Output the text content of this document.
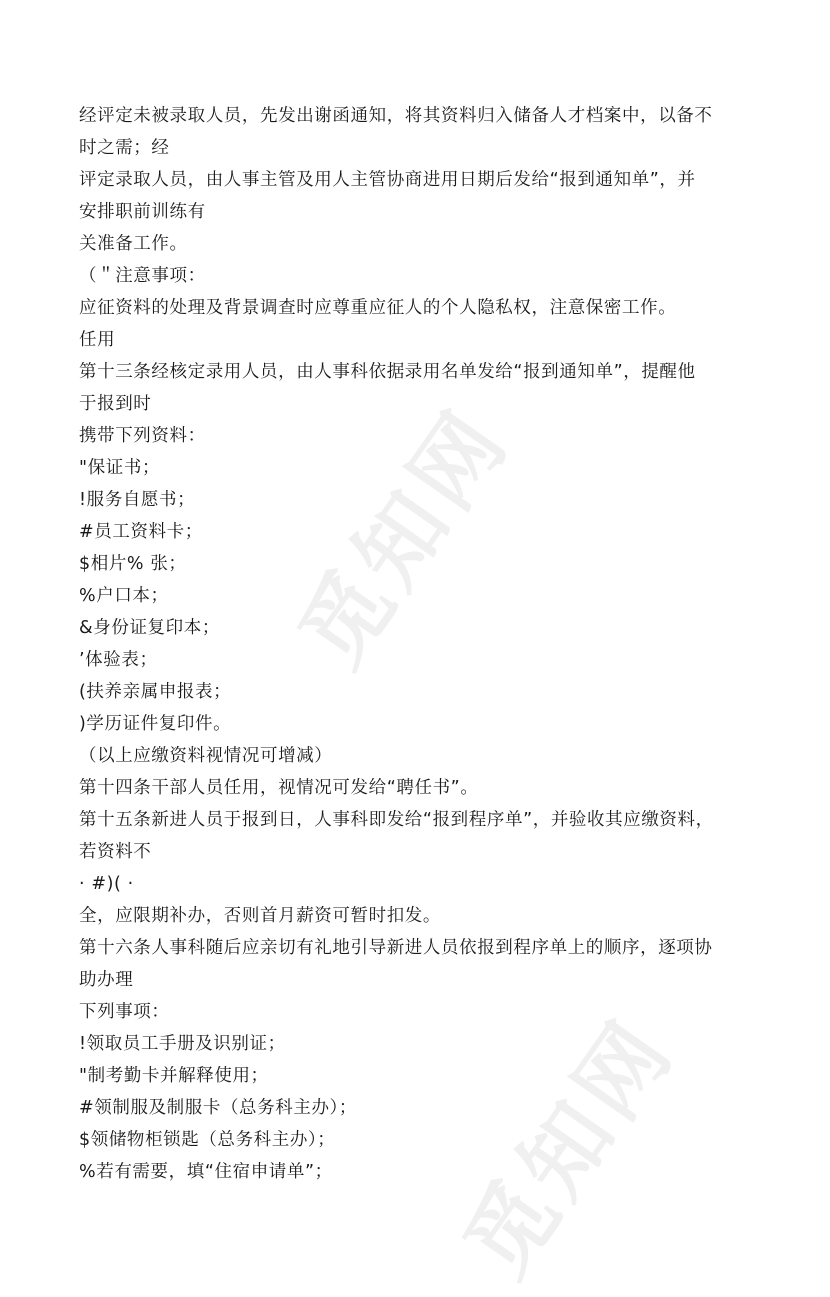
觅知网
觅知网
经评定未被录取人员，先发出谢函通知，将其资料归入储备人才档案中，以备不
时之需；经
评定录取人员，由人事主管及用人主管协商进用日期后发给“报到通知单”，并
安排职前训练有
关准备工作。
（＂注意事项：
应征资料的处理及背景调查时应尊重应征人的个人隐私权，注意保密工作。
任用
第十三条经核定录用人员，由人事科依据录用名单发给“报到通知单”，提醒他
于报到时
携带下列资料：
"保证书；
!服务自愿书；
#员工资料卡；
$相片% 张；
%户口本；
&身份证复印本；
’体验表；
(扶养亲属申报表；
)学历证件复印件。
（以上应缴资料视情况可增减）
第十四条干部人员任用，视情况可发给“聘任书”。
第十五条新进人员于报到日，人事科即发给“报到程序单”，并验收其应缴资料，
若资料不
· #)( ·
全，应限期补办，否则首月薪资可暂时扣发。
第十六条人事科随后应亲切有礼地引导新进人员依报到程序单上的顺序，逐项协
助办理
下列事项：
!领取员工手册及识别证；
"制考勤卡并解释使用；
#领制服及制服卡（总务科主办）；
$领储物柜锁匙（总务科主办）；
%若有需要，填“住宿申请单”；
